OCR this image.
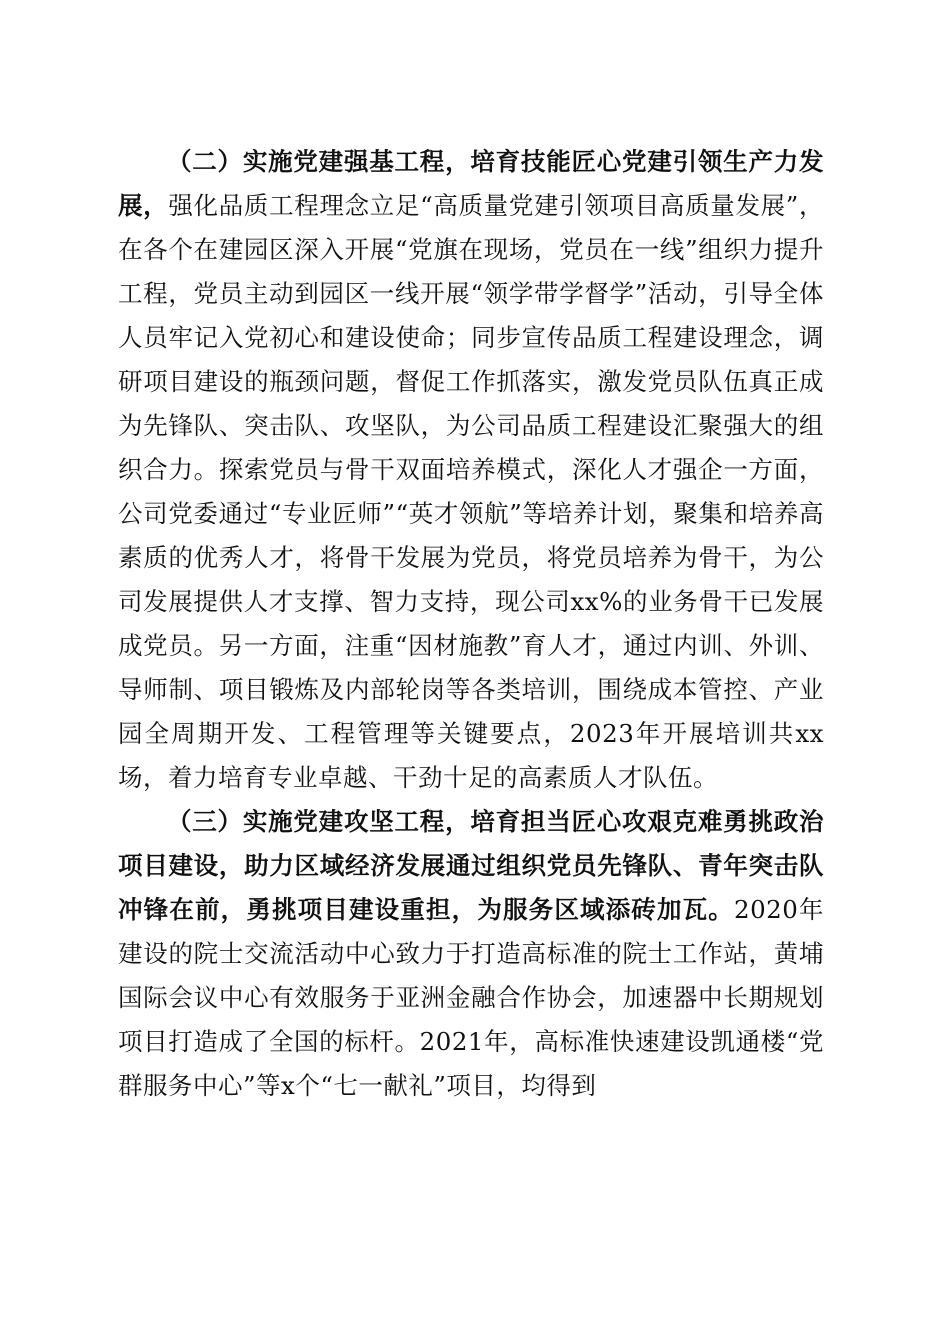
（二）实施党建强基工程，培育技能匠心党建引领生产力发展，强化品质工程理念立足“高质量党建引领项目高质量发展”，在各个在建园区深入开展“党旗在现场，党员在一线”组织力提升工程，党员主动到园区一线开展“领学带学督学”活动，引导全体人员牢记入党初心和建设使命；同步宣传品质工程建设理念，调研项目建设的瓶颈问题，督促工作抓落实，激发党员队伍真正成为先锋队、突击队、攻坚队，为公司品质工程建设汇聚强大的组织合力。探索党员与骨干双面培养模式，深化人才强企一方面，公司党委通过“专业匠师”“英才领航”等培养计划，聚集和培养高素质的优秀人才，将骨干发展为党员，将党员培养为骨干，为公司发展提供人才支撑、智力支持，现公司xx%的业务骨干已发展成党员。另一方面，注重“因材施教”育人才，通过内训、外训、导师制、项目锻炼及内部轮岗等各类培训，围绕成本管控、产业园全周期开发、工程管理等关键要点，2023年开展培训共xx场，着力培育专业卓越、干劲十足的高素质人才队伍。

（三）实施党建攻坚工程，培育担当匠心攻艰克难勇挑政治项目建设，助力区域经济发展通过组织党员先锋队、青年突击队冲锋在前，勇挑项目建设重担，为服务区域添砖加瓦。2020年建设的院士交流活动中心致力于打造高标准的院士工作站，黄埔国际会议中心有效服务于亚洲金融合作协会，加速器中长期规划项目打造成了全国的标杆。2021年，高标准快速建设凯通楼“党群服务中心”等x个“七一献礼”项目，均得到
